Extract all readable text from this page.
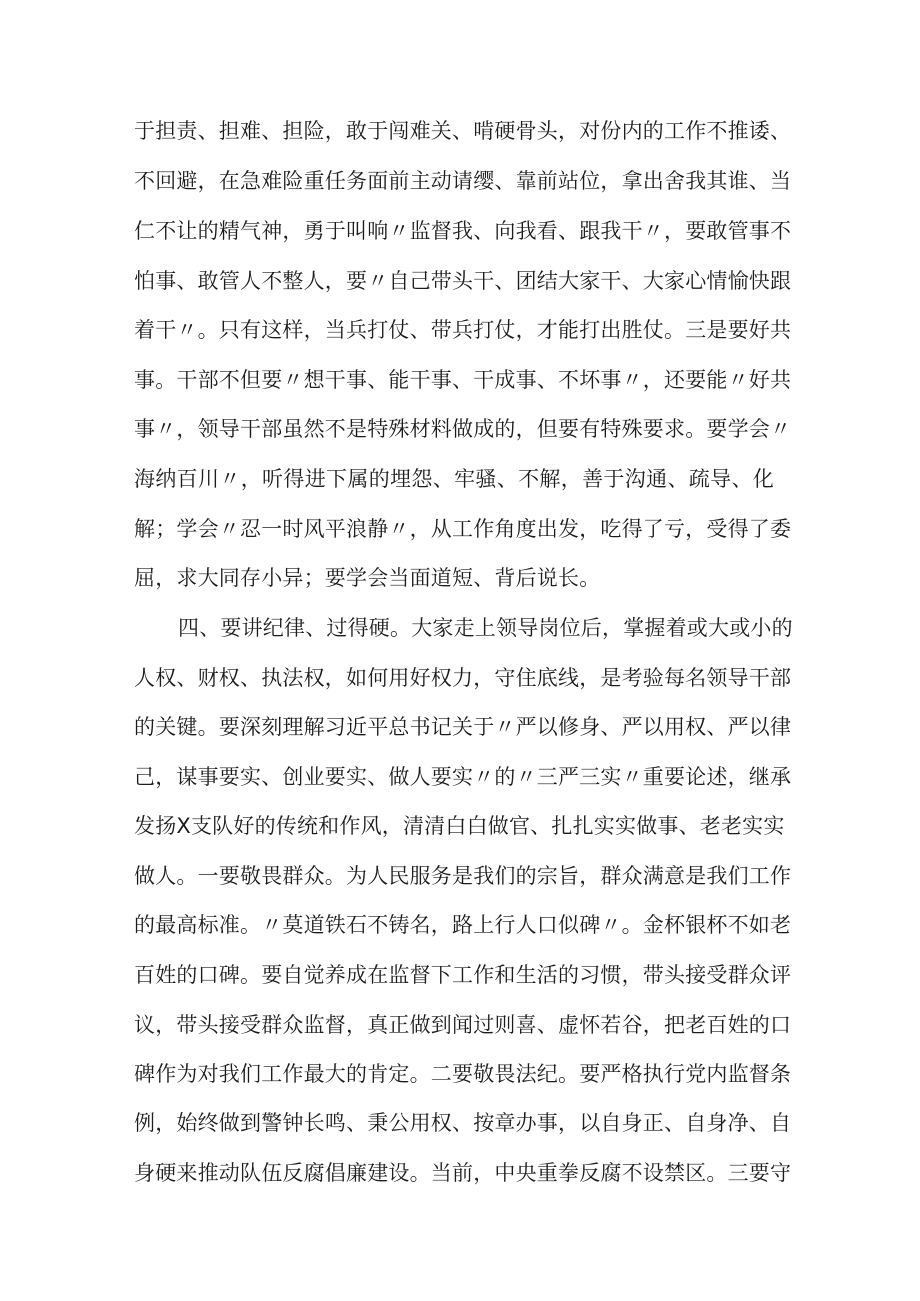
于担责、担难、担险，敢于闯难关、啃硬骨头，对份内的工作不推诿、
不回避，在急难险重任务面前主动请缨、靠前站位，拿出舍我其谁、当
仁不让的精气神，勇于叫响〃监督我、向我看、跟我干〃，要敢管事不
怕事、敢管人不整人，要〃自己带头干、团结大家干、大家心情愉快跟
着干〃。只有这样，当兵打仗、带兵打仗，才能打出胜仗。三是要好共
事。干部不但要〃想干事、能干事、干成事、不坏事〃，还要能〃好共
事〃，领导干部虽然不是特殊材料做成的，但要有特殊要求。要学会〃
海纳百川〃，听得进下属的埋怨、牢骚、不解，善于沟通、疏导、化
解；学会〃忍一时风平浪静〃，从工作角度出发，吃得了亏，受得了委
屈，求大同存小异；要学会当面道短、背后说长。
四、要讲纪律、过得硬。大家走上领导岗位后，掌握着或大或小的
人权、财权、执法权，如何用好权力，守住底线，是考验每名领导干部
的关键。要深刻理解习近平总书记关于〃严以修身、严以用权、严以律
己，谋事要实、创业要实、做人要实〃的〃三严三实〃重要论述，继承
发扬X支队好的传统和作风，清清白白做官、扎扎实实做事、老老实实
做人。一要敬畏群众。为人民服务是我们的宗旨，群众满意是我们工作
的最高标准。〃莫道铁石不铸名，路上行人口似碑〃。金杯银杯不如老
百姓的口碑。要自觉养成在监督下工作和生活的习惯，带头接受群众评
议，带头接受群众监督，真正做到闻过则喜、虚怀若谷，把老百姓的口
碑作为对我们工作最大的肯定。二要敬畏法纪。要严格执行党内监督条
例，始终做到警钟长鸣、秉公用权、按章办事，以自身正、自身净、自
身硬来推动队伍反腐倡廉建设。当前，中央重拳反腐不设禁区。三要守
